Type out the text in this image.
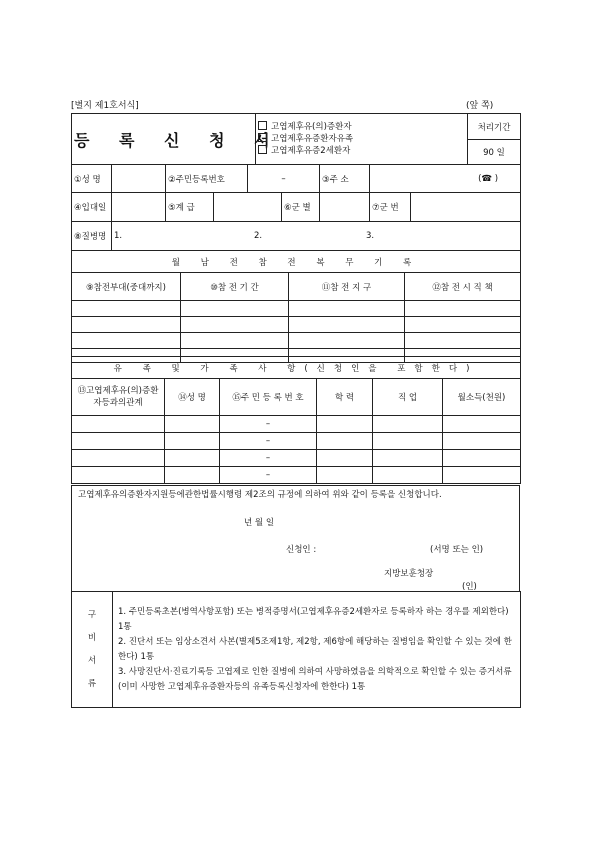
[별지 제1호서식]	(앞 쪽)
등 록 신 청 서	
고엽제후유(의)증환자
고엽제후유증환자유족
고엽제후유증2세환자
	처리기간
90 일
①성 명		②주민등록번호		–		③주 소	(☎ )	
④입대일		⑤계 급			⑥군 별		⑦군 번	
⑧질병명	1. 2. 3.							
월 남 전 참 전 복 무 기 록			
⑨참전부대(중대까지)	⑩참 전 기 간	⑪참 전 지 구	⑫참 전 시 직 책

유 족 및 가 족 사 항(신청인을 포함한다)					
⑬고엽제후유(의)증환자등과의관계	⑭성 명	⑮주 민 등 록 번 호	학 력	직 업	월소득(천원)
		–			
		–			
		–			
		–			
고엽제후유의증환자지원등에관한법률시행령 제2조의 규정에 의하여 위와 같이 등록을 신청합니다.
년 월 일
신청인 :	(서명 또는 인)
지방보훈청장
(인)
구
비
서
류

1. 주민등록초본(병역사항포함) 또는 병적증명서(고엽제후유증2세환자로 등록하자 하는 경우를 제외한다) 1통
2. 진단서 또는 임상소견서 사본(별제5조제1항, 제2항, 제6항에 해당하는 질병임을 확인할 수 있는 것에 한한다) 1통
3. 사망진단서·진료기록등 고엽제로 인한 질병에 의하여 사망하였음을 의학적으로 확인할 수 있는 증거서류(이미 사망한 고엽제후유증환자등의 유족등록신청자에 한한다) 1통
